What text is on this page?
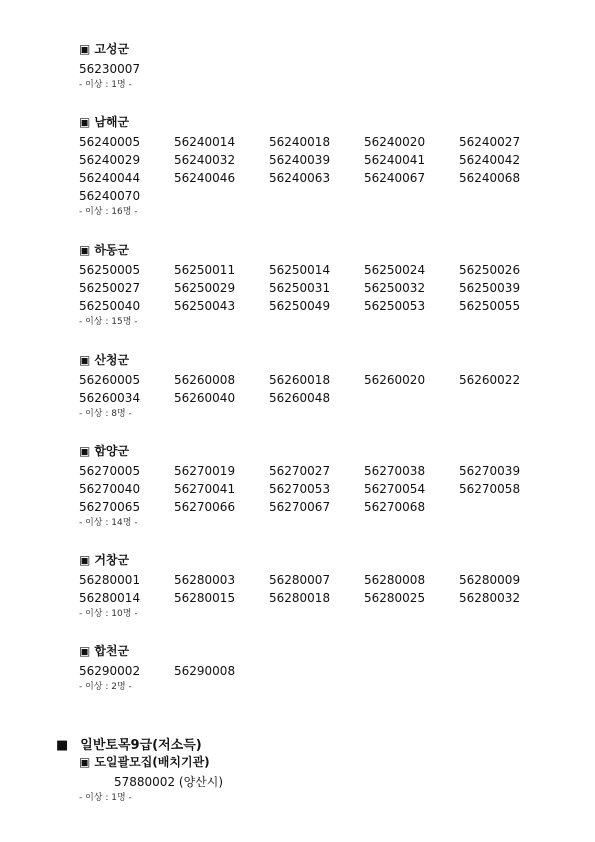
▣ 고성군
56230007
- 이상 : 1명 -
▣ 남해군
56240005	56240014	56240018	56240020	56240027
56240029	56240032	56240039	56240041	56240042
56240044	56240046	56240063	56240067	56240068
56240070
- 이상 : 16명 -
▣ 하동군
56250005	56250011	56250014	56250024	56250026
56250027	56250029	56250031	56250032	56250039
56250040	56250043	56250049	56250053	56250055
- 이상 : 15명 -
▣ 산청군
56260005	56260008	56260018	56260020	56260022
56260034	56260040	56260048
- 이상 : 8명 -
▣ 함양군
56270005	56270019	56270027	56270038	56270039
56270040	56270041	56270053	56270054	56270058
56270065	56270066	56270067	56270068
- 이상 : 14명 -
▣ 거창군
56280001	56280003	56280007	56280008	56280009
56280014	56280015	56280018	56280025	56280032
- 이상 : 10명 -
▣ 합천군
56290002	56290008
- 이상 : 2명 -
■ 일반토목9급(저소득)
▣ 도일괄모집(배치기관)
57880002 (양산시)
- 이상 : 1명 -
